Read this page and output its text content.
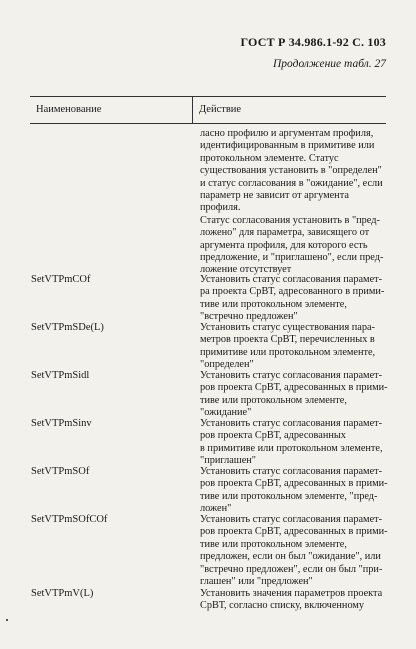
ГОСТ Р 34.986.1-92 С. 103
Продолжение табл. 27
Наименование	Действие
ласно профилю и аргументам профиля,
идентифицированным в примитиве или
протокольном элементе. Статус
существования установить в "определен"
и статус согласования в "ожидание", если
параметр не зависит от аргумента
профиля.
Статус согласования установить в "пред-
ложено" для параметра, зависящего от
аргумента профиля, для которого есть
предложение, и "приглашено", если пред-
ложение отсутствует
SetVTPmCOf	Установить статус согласования парамет-
ра проекта СрВТ, адресованного в прими-
тиве или протокольном элементе,
"встречно предложен"
SetVTPmSDe(L)	Установить статус существования пара-
метров проекта СрВТ, перечисленных в
примитиве или протокольном элементе,
"определен"
SetVTPmSidl	Установить статус согласования парамет-
ров проекта СрВТ, адресованных в прими-
тиве или протокольном элементе,
"ожидание"
SetVTPmSinv	Установить статус согласования парамет-
ров проекта СрВТ, адресованных
в примитиве или протокольном элементе,
"приглашен"
SetVTPmSOf	Установить статус согласования парамет-
ров проекта СрВТ, адресованных в прими-
тиве или протокольном элементе, "пред-
ложен"
SetVTPmSOfCOf	Установить статус согласования парамет-
ров проекта СрВТ, адресованных в прими-
тиве или протокольном элементе,
предложен, если он был "ожидание", или
"встречно предложен", если он был "при-
глашен" или "предложен"
SetVTPmV(L)	Установить значения параметров проекта
СрВТ, согласно списку, включенному
